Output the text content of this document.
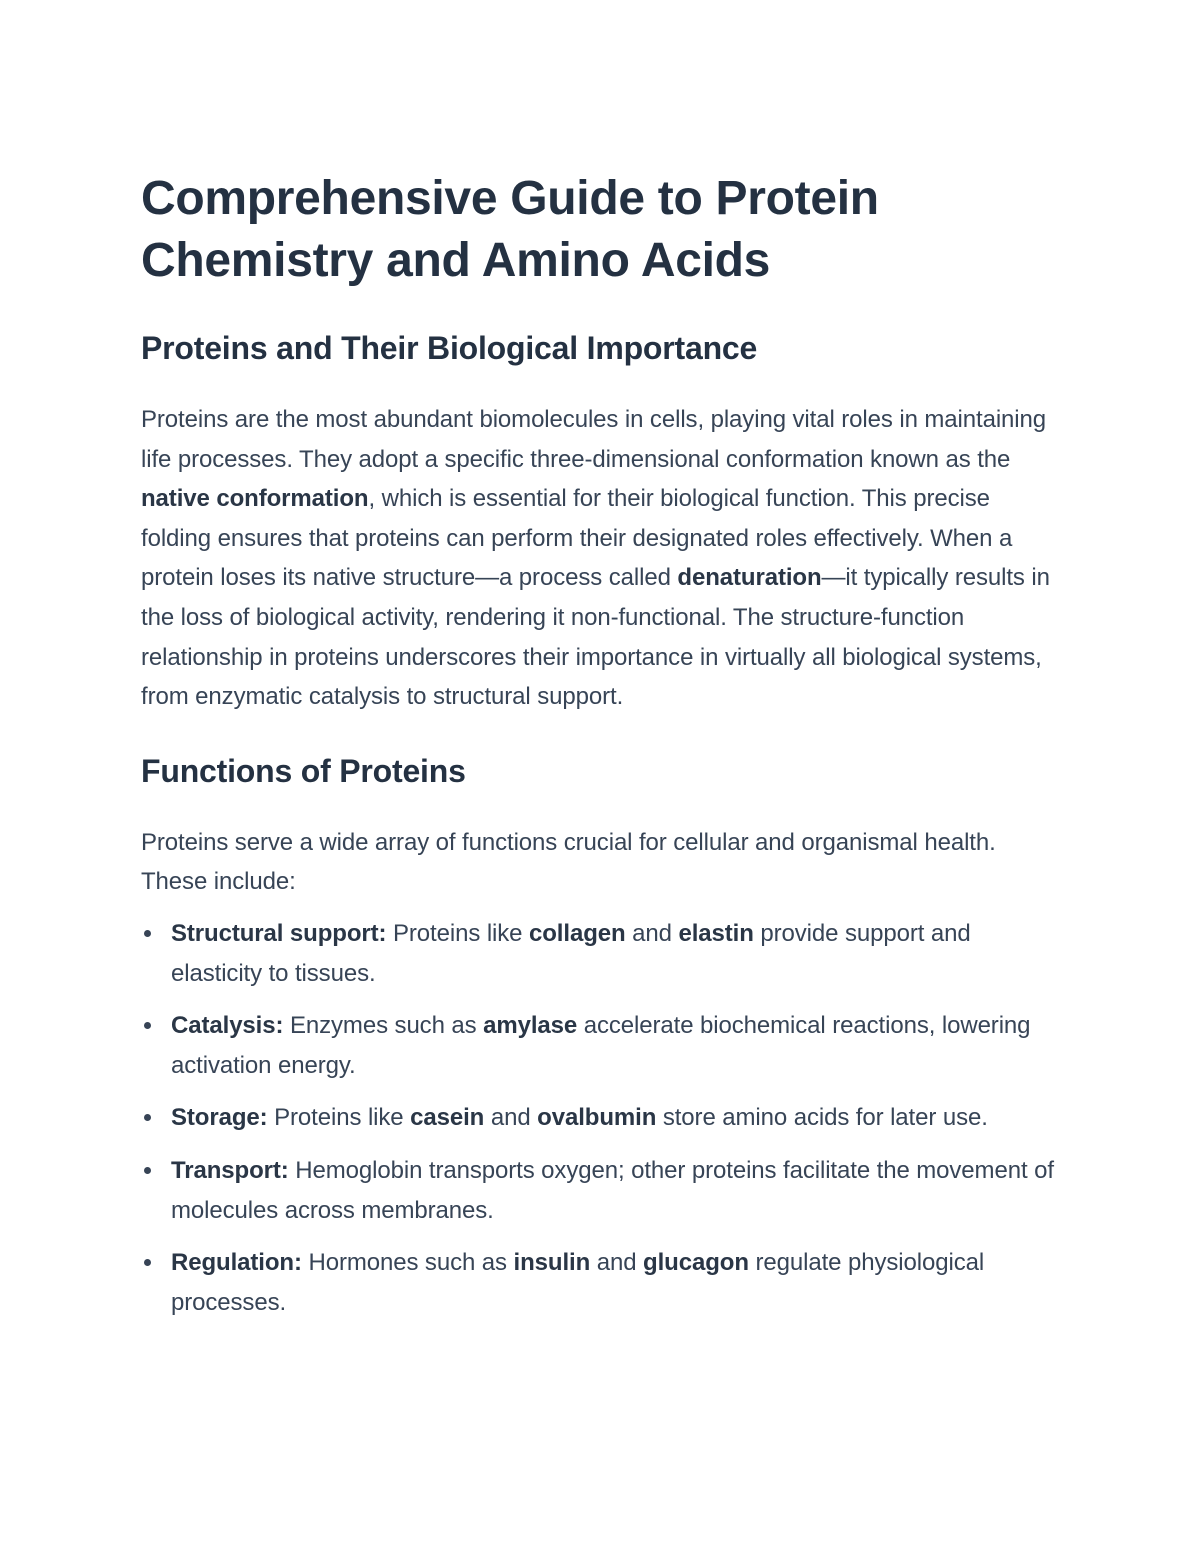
Comprehensive Guide to Protein Chemistry and Amino Acids
Proteins and Their Biological Importance

Proteins are the most abundant biomolecules in cells, playing vital roles in maintaining life processes. They adopt a specific three-dimensional conformation known as the native conformation, which is essential for their biological function. This precise folding ensures that proteins can perform their designated roles effectively. When a protein loses its native structure—a process called denaturation—it typically results in the loss of biological activity, rendering it non-functional. The structure-function relationship in proteins underscores their importance in virtually all biological systems, from enzymatic catalysis to structural support.

Functions of Proteins

Proteins serve a wide array of functions crucial for cellular and organismal health. These include:

Structural support: Proteins like collagen and elastin provide support and elasticity to tissues.
Catalysis: Enzymes such as amylase accelerate biochemical reactions, lowering activation energy.
Storage: Proteins like casein and ovalbumin store amino acids for later use.
Transport: Hemoglobin transports oxygen; other proteins facilitate the movement of molecules across membranes.
Regulation: Hormones such as insulin and glucagon regulate physiological processes.
